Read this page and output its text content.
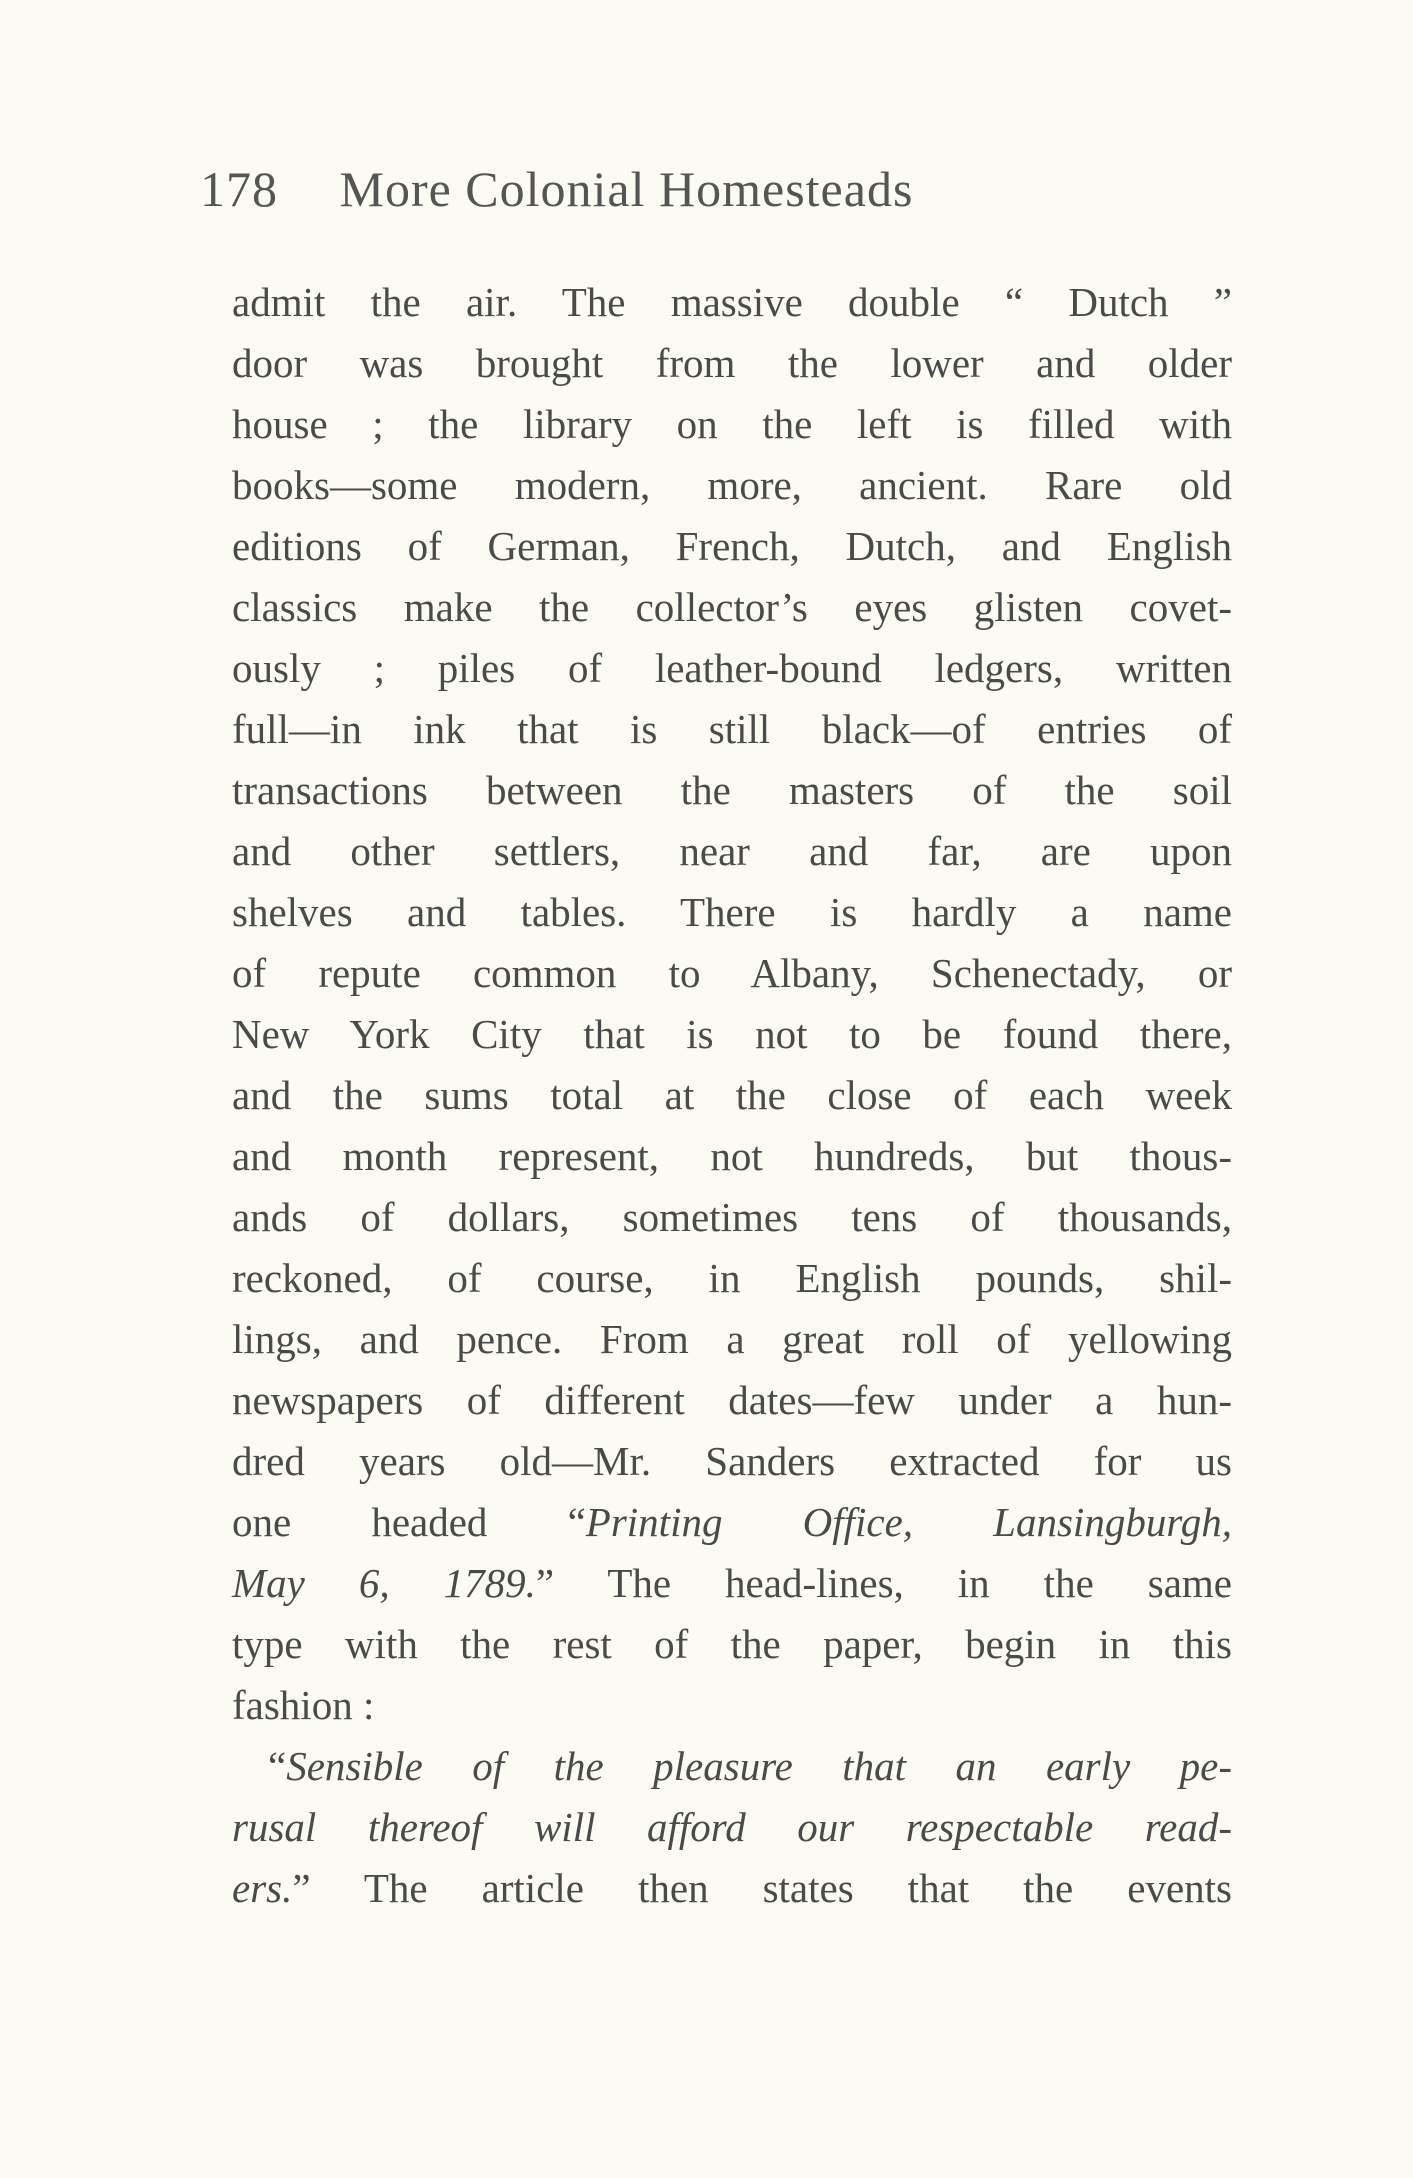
178 More Colonial Homesteads
admit the air. The massive double “ Dutch ”
door was brought from the lower and older
house ; the library on the left is filled with
books—some modern, more, ancient. Rare old
editions of German, French, Dutch, and English
classics make the collector’s eyes glisten covet-
ously ; piles of leather-bound ledgers, written
full—in ink that is still black—of entries of
transactions between the masters of the soil
and other settlers, near and far, are upon
shelves and tables. There is hardly a name
of repute common to Albany, Schenectady, or
New York City that is not to be found there,
and the sums total at the close of each week
and month represent, not hundreds, but thous-
ands of dollars, sometimes tens of thousands,
reckoned, of course, in English pounds, shil-
lings, and pence. From a great roll of yellowing
newspapers of different dates—few under a hun-
dred years old—Mr. Sanders extracted for us
one headed “Printing Office, Lansingburgh,
May 6, 1789.” The head-lines, in the same
type with the rest of the paper, begin in this
fashion :
“Sensible of the pleasure that an early pe-
rusal thereof will afford our respectable read-
ers.” The article then states that the events
